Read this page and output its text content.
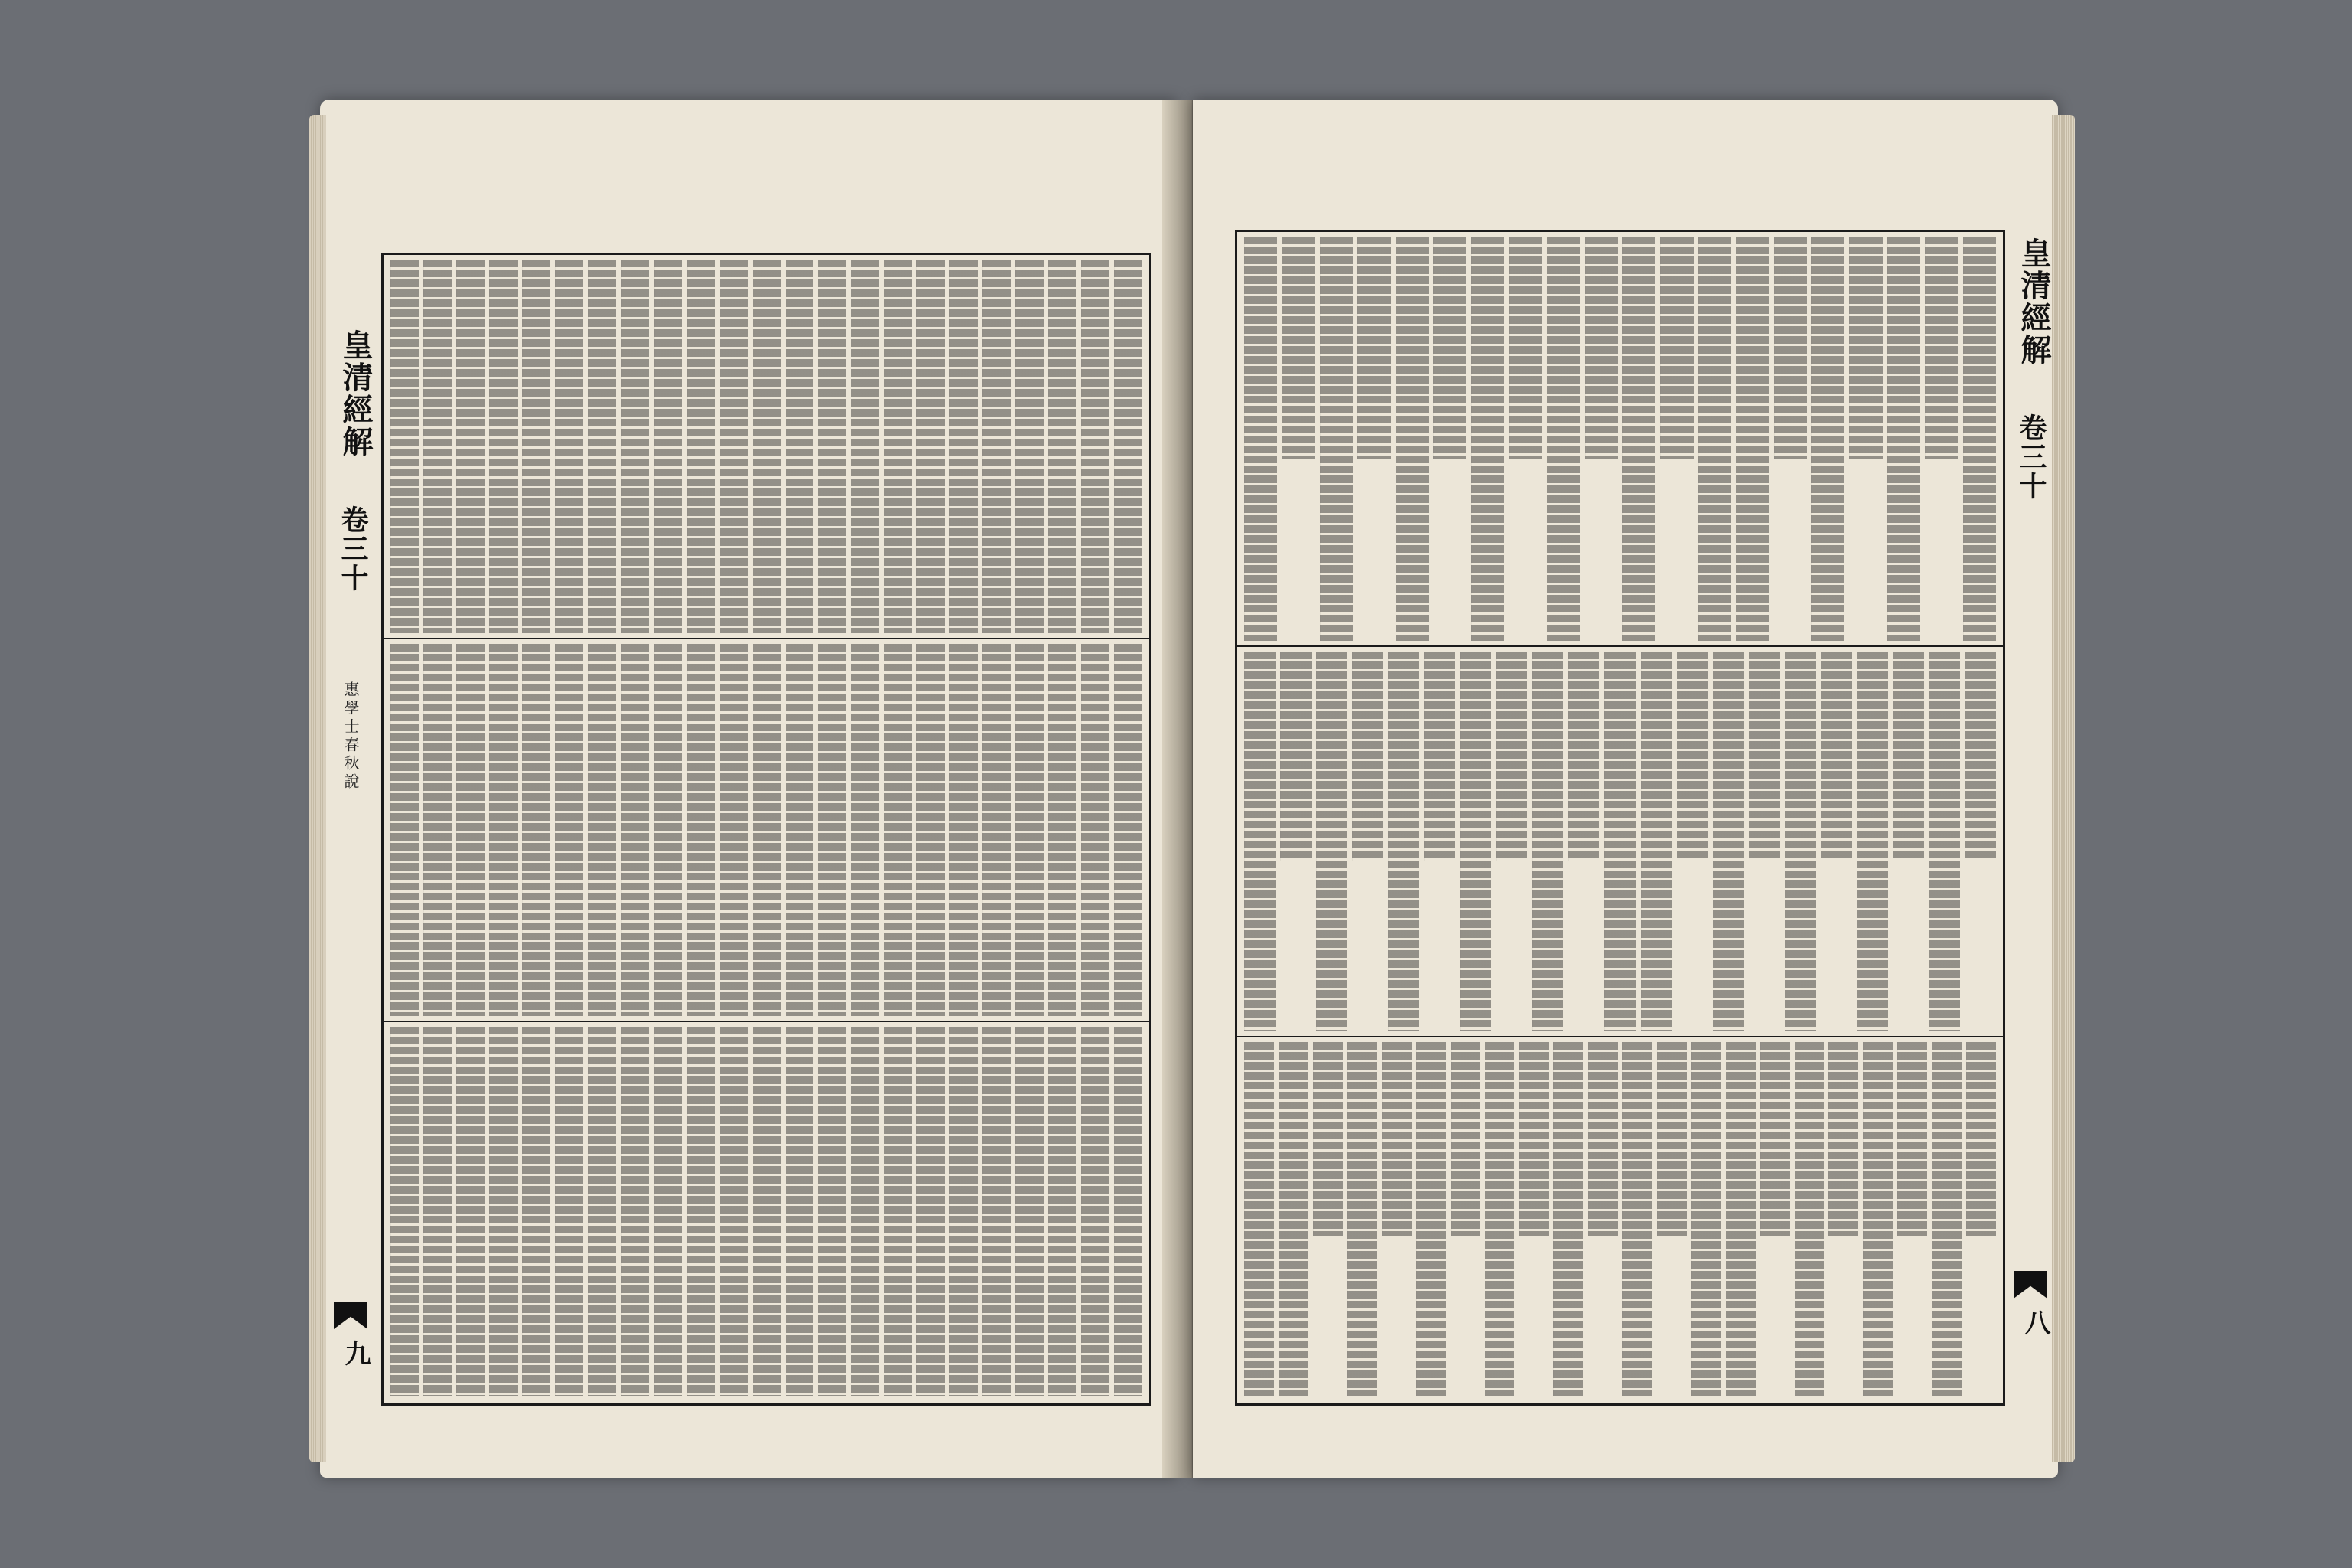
皇清經解
卷三十
惠學士春秋說
九
皇清經解
卷三十
八
